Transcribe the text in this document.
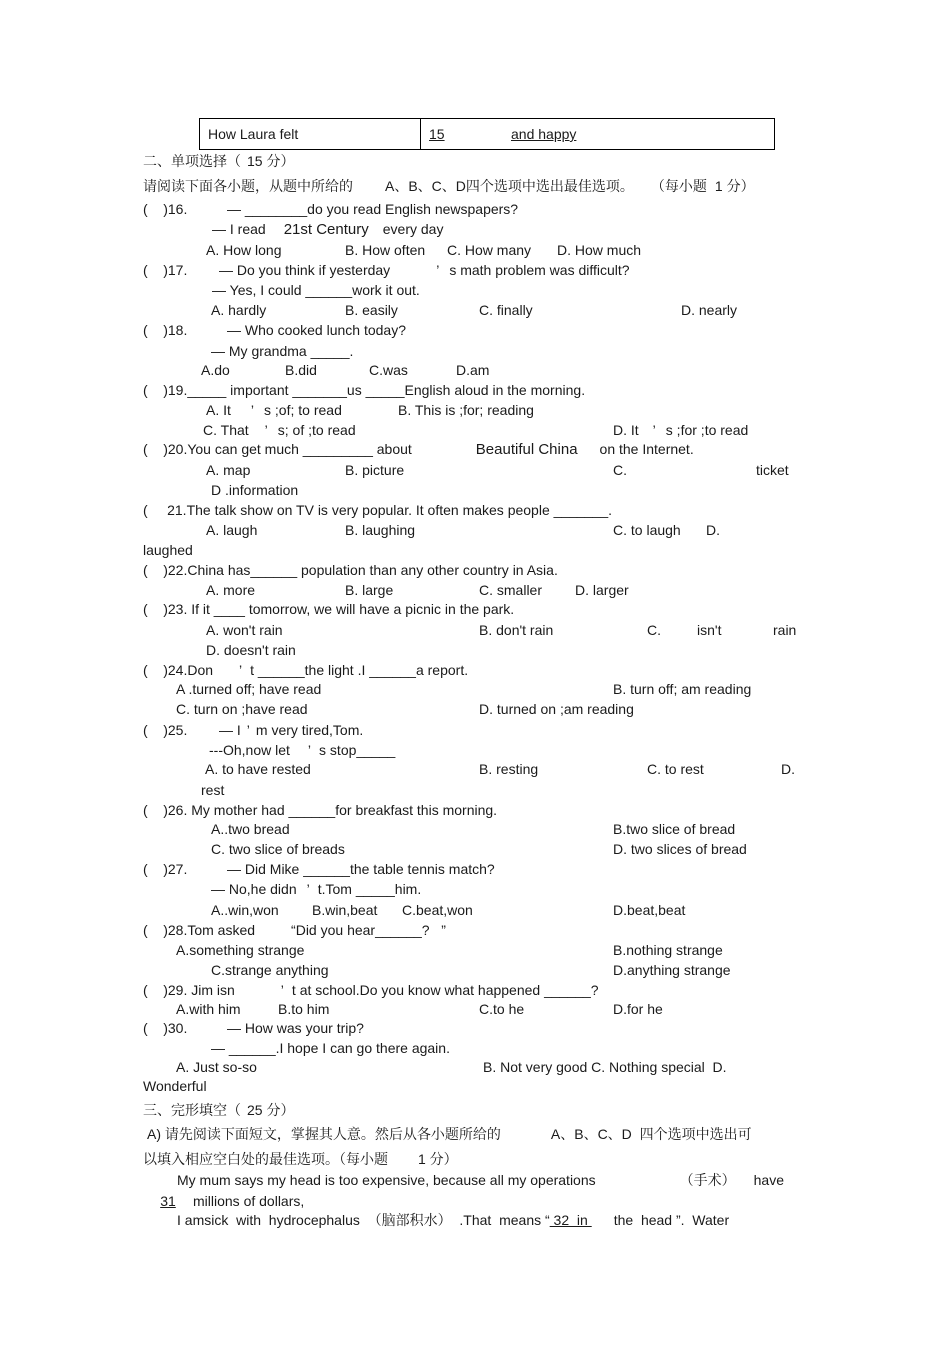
How Laura felt	15	and happy
二、单项选择（ 15 分）
请阅读下面各小题，从题中所给的 A、B、C、D四个选项中选出最佳选项。 （每小题 1 分）
(    )16.	— ________do you read English newspapers?
— I read 21st Century every day
A. How long	B. How often C. How many D. How much
(    )17. — Do you think if yesterday	’ s math problem was difficult?
— Yes, I could ______work it out.
A. hardly	B. easily	C. finally	D. nearly
(    )18.	— Who cooked lunch today?
— My grandma _____.
A.do	B.did	C.was	D.am
(    )19._____ important _______us _____English aloud in the morning.
A. It ’ s ;of; to read	B. This is ;for; reading
C. That ’ s; of ;to read	D. It ’ s ;for ;to read
(    )20.You can get much _________ about	Beautiful China on the Internet.
A. map	B. picture	C.	ticket
D .information
(     21.The talk show on TV is very popular. It often makes people _______.
A. laugh	B. laughing	C. to laugh D.
laughed
(    )22.China has______ population than any other country in Asia.
A. more	B. large	C. smaller D. larger
(    )23. If it ____ tomorrow, we will have a picnic in the park.
A. won't rain	B. don't rain	C.	isn't	rain
D. doesn't rain
(    )24.Don ’ t ______the light .I ______a report.
A .turned off; have read	B. turn off; am reading
C. turn on ;have read	D. turned on ;am reading
(    )25. — I ’ m very tired,Tom.
---Oh,now let ’ s stop_____
A. to have rested	B. resting	C. to rest	D.
rest
(    )26. My mother had ______for breakfast this morning.
A..two bread	B.two slice of bread
C. two slice of breads	D. two slices of bread
(    )27.	— Did Mike ______the table tennis match?
— No,he didn ’ t.Tom _____him.
A..win,won B.win,beat C.beat,won	D.beat,beat
(    )28.Tom asked	“Did you hear______?   ”
A.something strange	B.nothing strange
C.strange anything	D.anything strange
(    )29. Jim isn	’ t at school.Do you know what happened ______?
A.with him	B.to him	C.to he	D.for he
(    )30.	— How was your trip?
— ______.I hope I can go there again.
A. Just so-so	B. Not very good C. Nothing special  D.
Wonderful
三、完形填空（ 25 分）
A) 请先阅读下面短文，掌握其人意。然后从各小题所给的	A、B、C、D  四个选项中选出可
以填入相应空白处的最佳选项。（每小题 1 分）
My mum says my head is too expensive, because all my operations	（手术） have
31 millions of dollars,
I amsick  with  hydrocephalus  （脑部积水）  .That  means “ 32  in the  head ”.  Water
